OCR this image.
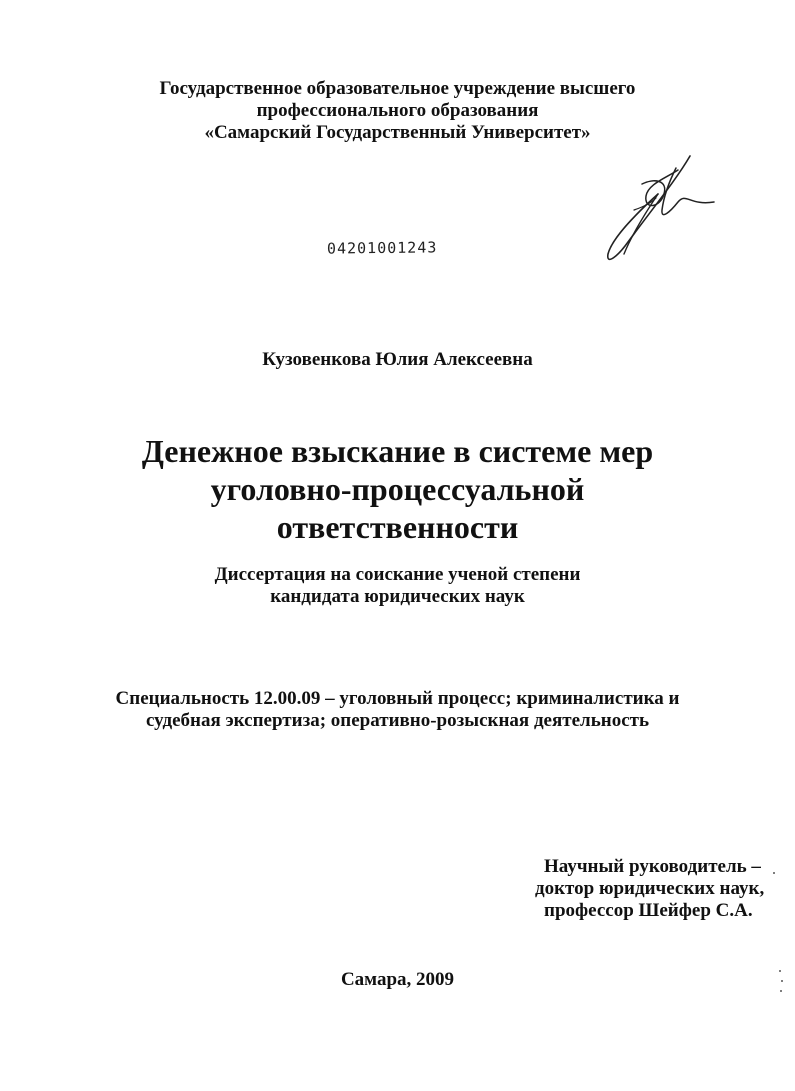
Государственное образовательное учреждение высшего
профессионального образования
«Самарский Государственный Университет»
04201001243
Кузовенкова Юлия Алексеевна
Денежное взыскание в системе мер
уголовно-процессуальной
ответственности
Диссертация на соискание ученой степени
кандидата юридических наук
Специальность 12.00.09 – уголовный процесс; криминалистика и
судебная экспертиза; оперативно-розыскная деятельность
Научный руководитель –
доктор юридических наук,
профессор Шейфер С.А.
Самара, 2009
